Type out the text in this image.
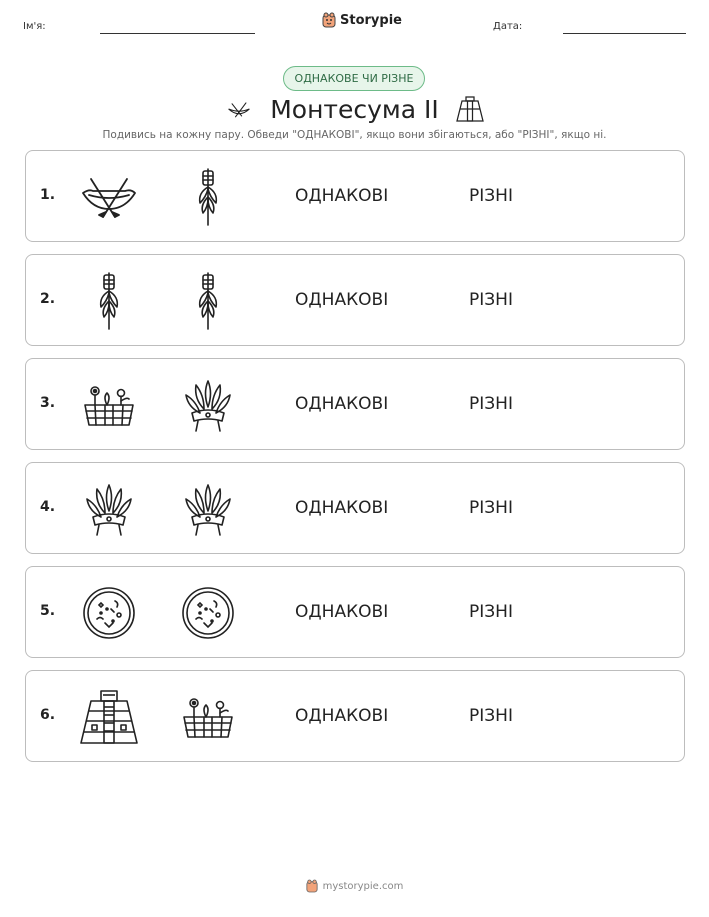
Ім'я:	Storypie	Дата:
ОДНАКОВЕ ЧИ РІЗНЕ
Монтесума II
Подивись на кожну пару. Обведи "ОДНАКОВІ", якщо вони збігаються, або "РІЗНІ", якщо ні.
1.	ОДНАКОВІ	РІЗНІ
2.	ОДНАКОВІ	РІЗНІ
3.	ОДНАКОВІ	РІЗНІ
4.	ОДНАКОВІ	РІЗНІ
5.	ОДНАКОВІ	РІЗНІ
6.	ОДНАКОВІ	РІЗНІ
mystorypie.com
